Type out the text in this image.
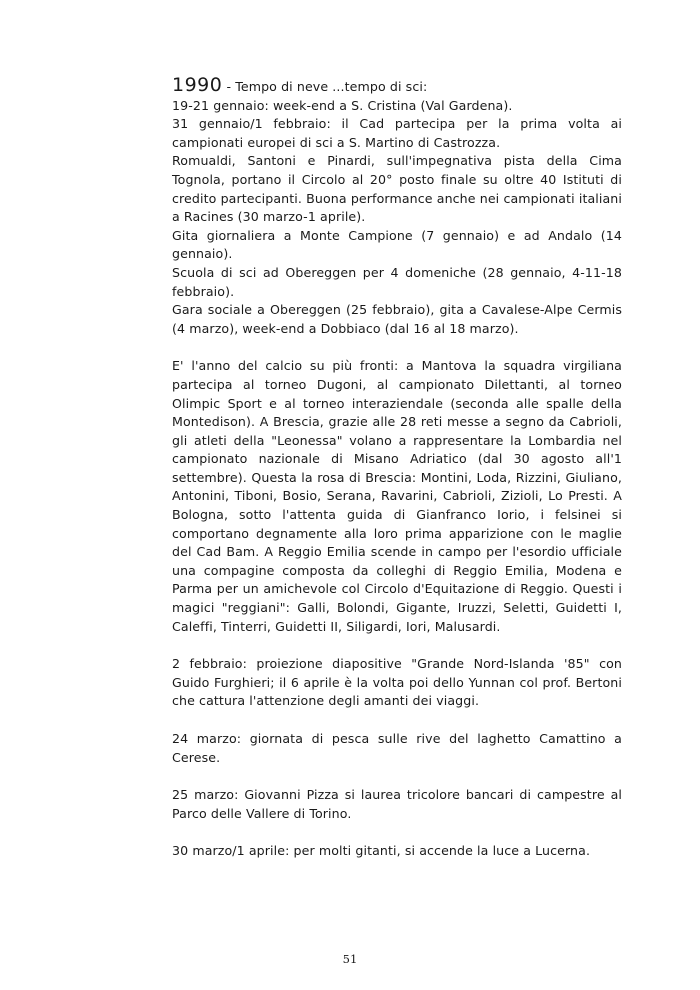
1990 - Tempo di neve ...tempo di sci:

19-21 gennaio: week-end a S. Cristina (Val Gardena).

31 gennaio/1 febbraio: il Cad partecipa per la prima volta ai campionati europei di sci a S. Martino di Castrozza.

Romualdi, Santoni e Pinardi, sull'impegnativa pista della Cima Tognola, portano il Circolo al 20° posto finale su oltre 40 Istituti di credito partecipanti. Buona performance anche nei campionati italiani a Racines (30 marzo-1 aprile).

Gita giornaliera a Monte Campione (7 gennaio) e ad Andalo (14 gennaio).

Scuola di sci ad Obereggen per 4 domeniche (28 gennaio, 4-11-18 febbraio).

Gara sociale a Obereggen (25 febbraio), gita a Cavalese-Alpe Cermis (4 marzo), week-end a Dobbiaco (dal 16 al 18 marzo).

E' l'anno del calcio su più fronti: a Mantova la squadra virgiliana partecipa al torneo Dugoni, al campionato Dilettanti, al torneo Olimpic Sport e al torneo interaziendale (seconda alle spalle della Montedison). A Brescia, grazie alle 28 reti messe a segno da Cabrioli, gli atleti della "Leonessa" volano a rappresentare la Lombardia nel campionato nazionale di Misano Adriatico (dal 30 agosto all'1 settembre). Questa la rosa di Brescia: Montini, Loda, Rizzini, Giuliano, Antonini, Tiboni, Bosio, Serana, Ravarini, Cabrioli, Zizioli, Lo Presti. A Bologna, sotto l'attenta guida di Gianfranco Iorio, i felsinei si comportano degnamente alla loro prima apparizione con le maglie del Cad Bam. A Reggio Emilia scende in campo per l'esordio ufficiale una compagine composta da colleghi di Reggio Emilia, Modena e Parma per un amichevole col Circolo d'Equitazione di Reggio. Questi i magici "reggiani": Galli, Bolondi, Gigante, Iruzzi, Seletti, Guidetti I, Caleffi, Tinterri, Guidetti II, Siligardi, Iori, Malusardi.

2 febbraio: proiezione diapositive "Grande Nord-Islanda '85" con Guido Furghieri; il 6 aprile è la volta poi dello Yunnan col prof. Bertoni che cattura l'attenzione degli amanti dei viaggi.

24 marzo: giornata di pesca sulle rive del laghetto Camattino a Cerese.

25 marzo: Giovanni Pizza si laurea tricolore bancari di campestre al Parco delle Vallere di Torino.

30 marzo/1 aprile: per molti gitanti, si accende la luce a Lucerna.

51
